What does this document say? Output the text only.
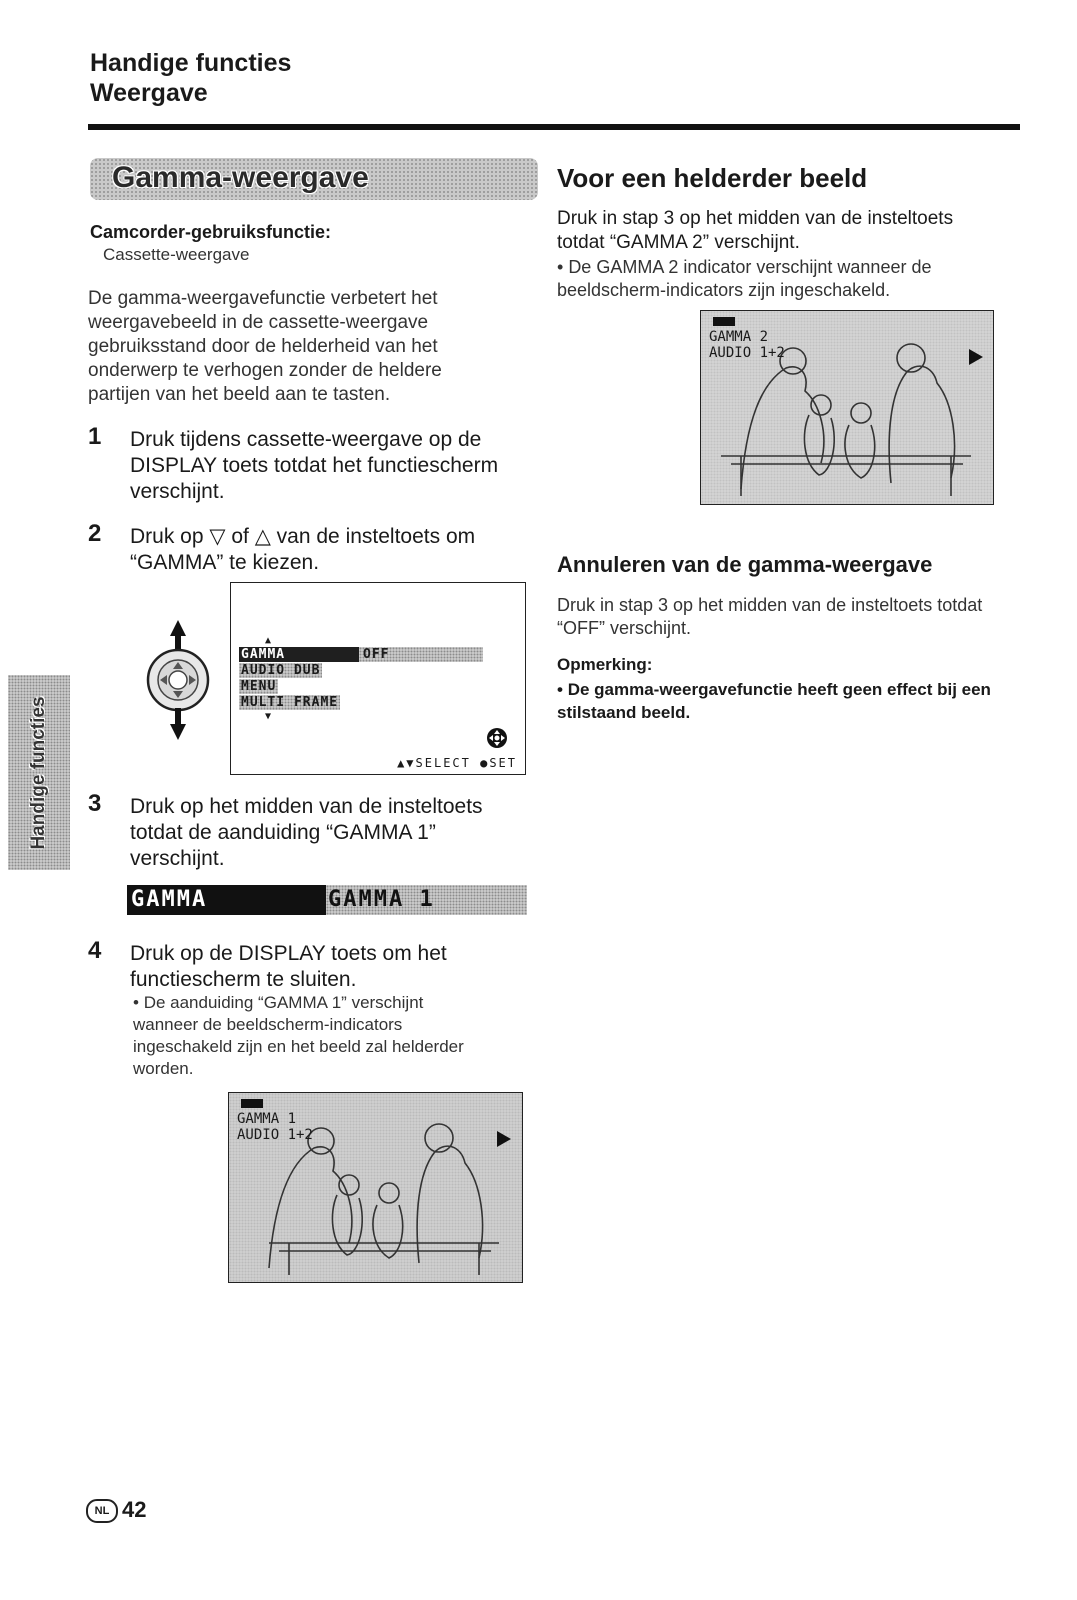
Handige functies
Weergave
Gamma-weergave
Camcorder-gebruiksfunctie:
Cassette-weergave
De gamma-weergavefunctie verbetert het weergavebeeld in de cassette-weergave gebruiksstand door de helderheid van het onderwerp te verhogen zonder de heldere partijen van het beeld aan te tasten.
1 Druk tijdens cassette-weergave op de DISPLAY toets totdat het functiescherm verschijnt.
2 Druk op ▽ of △ van de insteltoets om “GAMMA” te kiezen.
▲
GAMMA	OFF
AUDIO DUB
MENU
MULTI FRAME
▼
▲▼SELECT ●SET
Handige functies 3 Druk op het midden van de insteltoets totdat de aanduiding “GAMMA 1” verschijnt.
GAMMA	GAMMA 1
4 Druk op de DISPLAY toets om het functiescherm te sluiten.
• De aanduiding “GAMMA 1” verschijnt wanneer de beeldscherm-indicators ingeschakeld zijn en het beeld zal helderder worden.
GAMMA 1
AUDIO 1+2
Voor een helderder beeld
Druk in stap 3 op het midden van de insteltoets totdat “GAMMA 2” verschijnt.
• De GAMMA 2 indicator verschijnt wanneer de beeldscherm-indicators zijn ingeschakeld.
GAMMA 2
AUDIO 1+2
Annuleren van de gamma-weergave
Druk in stap 3 op het midden van de insteltoets totdat “OFF” verschijnt.
Opmerking:
• De gamma-weergavefunctie heeft geen effect bij een stilstaand beeld.
NL 42
